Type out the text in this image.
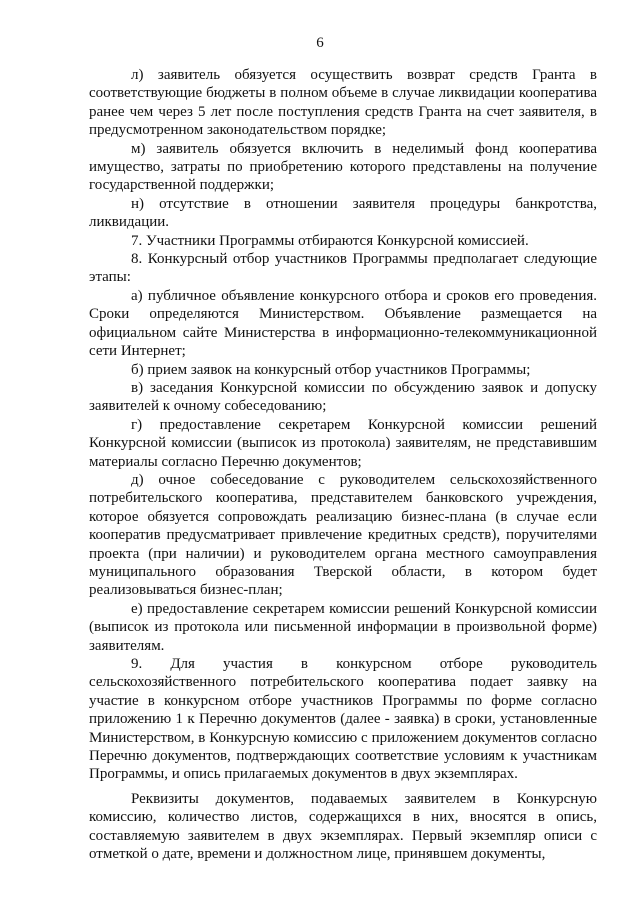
6

л) заявитель обязуется осуществить возврат средств Гранта в соответствующие бюджеты в полном объеме в случае ликвидации кооператива ранее чем через 5 лет после поступления средств Гранта на счет заявителя, в предусмотренном законодательством порядке;

м) заявитель обязуется включить в неделимый фонд кооператива имущество, затраты по приобретению которого представлены на получение государственной поддержки;

н) отсутствие в отношении заявителя процедуры банкротства, ликвидации.

7. Участники Программы отбираются Конкурсной комиссией.

8. Конкурсный отбор участников Программы предполагает следующие этапы:

а) публичное объявление конкурсного отбора и сроков его проведения. Сроки определяются Министерством. Объявление размещается на официальном сайте Министерства в информационно-телекоммуникационной сети Интернет;

б) прием заявок на конкурсный отбор участников Программы;

в) заседания Конкурсной комиссии по обсуждению заявок и допуску заявителей к очному собеседованию;

г) предоставление секретарем Конкурсной комиссии решений Конкурсной комиссии (выписок из протокола) заявителям, не представившим материалы согласно Перечню документов;

д) очное собеседование с руководителем сельскохозяйственного потребительского кооператива, представителем банковского учреждения, которое обязуется сопровождать реализацию бизнес-плана (в случае если кооператив предусматривает привлечение кредитных средств), поручителями проекта (при наличии) и руководителем органа местного самоуправления муниципального образования Тверской области, в котором будет реализовываться бизнес-план;

е) предоставление секретарем комиссии решений Конкурсной комиссии (выписок из протокола или письменной информации в произвольной форме) заявителям.

9. Для участия в конкурсном отборе руководитель сельскохозяйственного потребительского кооператива подает заявку на участие в конкурсном отборе участников Программы по форме согласно приложению 1 к Перечню документов (далее - заявка) в сроки, установленные Министерством, в Конкурсную комиссию с приложением документов согласно Перечню документов, подтверждающих соответствие условиям к участникам Программы, и опись прилагаемых документов в двух экземплярах.

Реквизиты документов, подаваемых заявителем в Конкурсную комиссию, количество листов, содержащихся в них, вносятся в опись, составляемую заявителем в двух экземплярах. Первый экземпляр описи с отметкой о дате, времени и должностном лице, принявшем документы,
